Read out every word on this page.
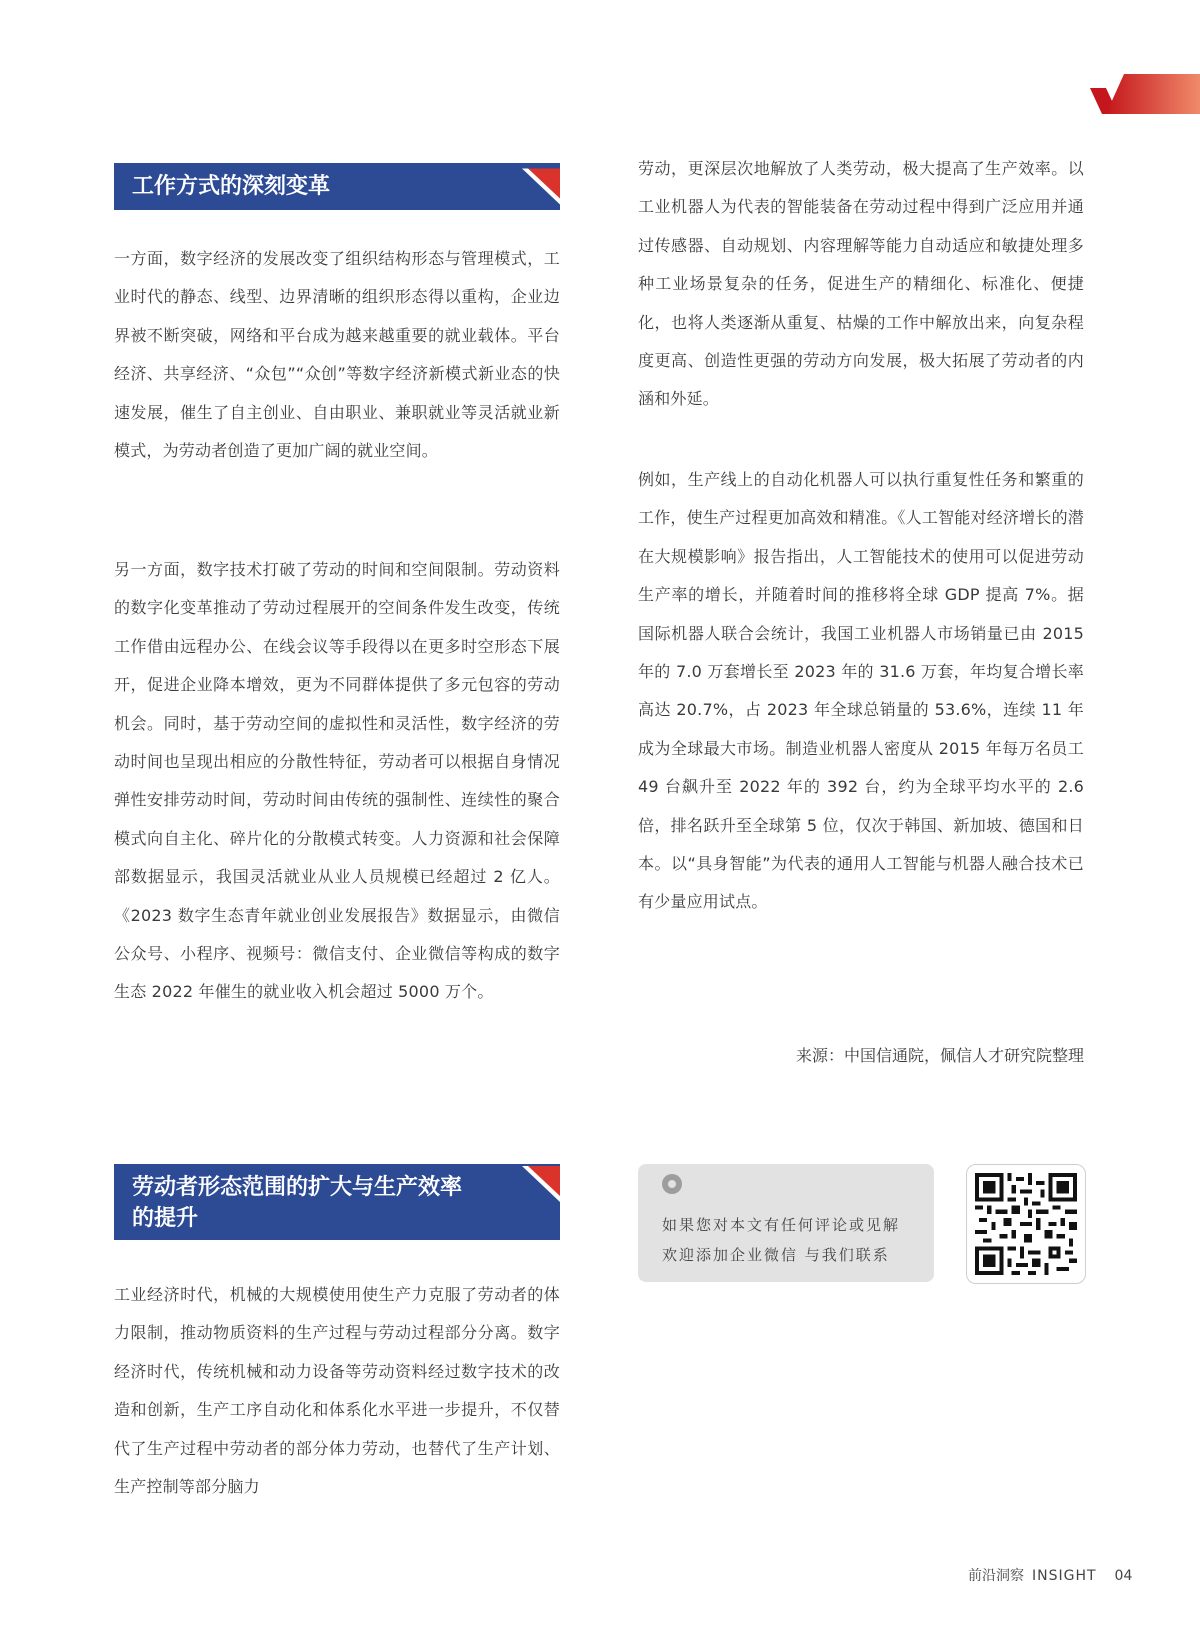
工作方式的深刻变革

一方面，数字经济的发展改变了组织结构形态与管理模式，工业时代的静态、线型、边界清晰的组织形态得以重构，企业边界被不断突破，网络和平台成为越来越重要的就业载体。平台经济、共享经济、“众包”“众创”等数字经济新模式新业态的快速发展，催生了自主创业、自由职业、兼职就业等灵活就业新模式，为劳动者创造了更加广阔的就业空间。

另一方面，数字技术打破了劳动的时间和空间限制。劳动资料的数字化变革推动了劳动过程展开的空间条件发生改变，传统工作借由远程办公、在线会议等手段得以在更多时空形态下展开，促进企业降本增效，更为不同群体提供了多元包容的劳动机会。同时，基于劳动空间的虚拟性和灵活性，数字经济的劳动时间也呈现出相应的分散性特征，劳动者可以根据自身情况弹性安排劳动时间，劳动时间由传统的强制性、连续性的聚合模式向自主化、碎片化的分散模式转变。人力资源和社会保障部数据显示，我国灵活就业从业人员规模已经超过 2 亿人。《2023 数字生态青年就业创业发展报告》数据显示，由微信公众号、小程序、视频号：微信支付、企业微信等构成的数字生态 2022 年催生的就业收入机会超过 5000 万个。

劳动者形态范围的扩大与生产效率
的提升

工业经济时代，机械的大规模使用使生产力克服了劳动者的体力限制，推动物质资料的生产过程与劳动过程部分分离。数字经济时代，传统机械和动力设备等劳动资料经过数字技术的改造和创新，生产工序自动化和体系化水平进一步提升，不仅替代了生产过程中劳动者的部分体力劳动，也替代了生产计划、生产控制等部分脑力

劳动，更深层次地解放了人类劳动，极大提高了生产效率。以工业机器人为代表的智能装备在劳动过程中得到广泛应用并通过传感器、自动规划、内容理解等能力自动适应和敏捷处理多种工业场景复杂的任务，促进生产的精细化、标准化、便捷化，也将人类逐渐从重复、枯燥的工作中解放出来，向复杂程度更高、创造性更强的劳动方向发展，极大拓展了劳动者的内涵和外延。

例如，生产线上的自动化机器人可以执行重复性任务和繁重的工作，使生产过程更加高效和精准。《人工智能对经济增长的潜在大规模影响》报告指出，人工智能技术的使用可以促进劳动生产率的增长，并随着时间的推移将全球 GDP 提高 7%。据国际机器人联合会统计，我国工业机器人市场销量已由 2015 年的 7.0 万套增长至 2023 年的 31.6 万套，年均复合增长率高达 20.7%，占 2023 年全球总销量的 53.6%，连续 11 年成为全球最大市场。制造业机器人密度从 2015 年每万名员工 49 台飙升至 2022 年的 392 台，约为全球平均水平的 2.6 倍，排名跃升至全球第 5 位，仅次于韩国、新加坡、德国和日本。以“具身智能”为代表的通用人工智能与机器人融合技术已有少量应用试点。

来源：中国信通院，佩信人才研究院整理
如果您对本文有任何评论或见解
欢迎添加企业微信 与我们联系
前沿洞察 INSIGHT 04
